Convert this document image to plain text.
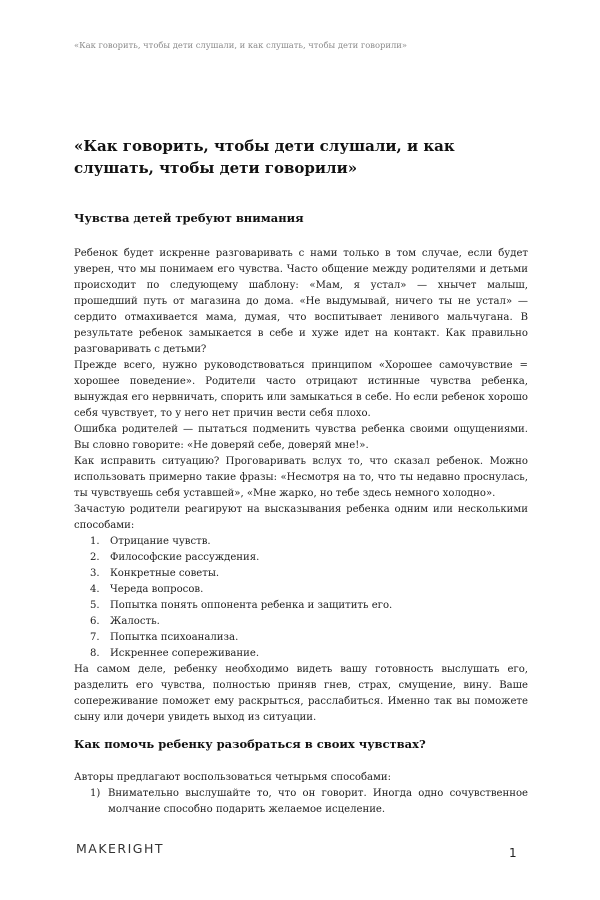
«Как говорить, чтобы дети слушали, и как слушать, чтобы дети говорили»
«Как говорить, чтобы дети слушали, и как слушать, чтобы дети говорили»
Чувства детей требуют внимания

Ребенок будет искренне разговаривать с нами только в том случае, если будет уверен, что мы понимаем его чувства. Часто общение между родителями и детьми происходит по следующему шаблону: «Мам, я устал» — хнычет малыш, прошедший путь от магазина до дома. «Не выдумывай, ничего ты не устал» — сердито отмахивается мама, думая, что воспитывает ленивого мальчугана. В результате ребенок замыкается в себе и хуже идет на контакт. Как правильно разговаривать с детьми?

Прежде всего, нужно руководствоваться принципом «Хорошее самочувствие = хорошее поведение». Родители часто отрицают истинные чувства ребенка, вынуждая его нервничать, спорить или замыкаться в себе. Но если ребенок хорошо себя чувствует, то у него нет причин вести себя плохо.

Ошибка родителей — пытаться подменить чувства ребенка своими ощущениями. Вы словно говорите: «Не доверяй себе, доверяй мне!».

Как исправить ситуацию? Проговаривать вслух то, что сказал ребенок. Можно использовать примерно такие фразы: «Несмотря на то, что ты недавно проснулась, ты чувствуешь себя уставшей», «Мне жарко, но тебе здесь немного холодно».

Зачастую родители реагируют на высказывания ребенка одним или несколькими способами:

1. Отрицание чувств.
2. Философские рассуждения.
3. Конкретные советы.
4. Череда вопросов.
5. Попытка понять оппонента ребенка и защитить его.
6. Жалость.
7. Попытка психоанализа.
8. Искреннее сопереживание.

На самом деле, ребенку необходимо видеть вашу готовность выслушать его, разделить его чувства, полностью приняв гнев, страх, смущение, вину. Ваше сопереживание поможет ему раскрыться, расслабиться. Именно так вы поможете сыну или дочери увидеть выход из ситуации.

Как помочь ребенку разобраться в своих чувствах?

Авторы предлагают воспользоваться четырьмя способами:

1) Внимательно выслушайте то, что он говорит. Иногда одно сочувственное молчание способно подарить желаемое исцеление.
MAKERIGHT	1
